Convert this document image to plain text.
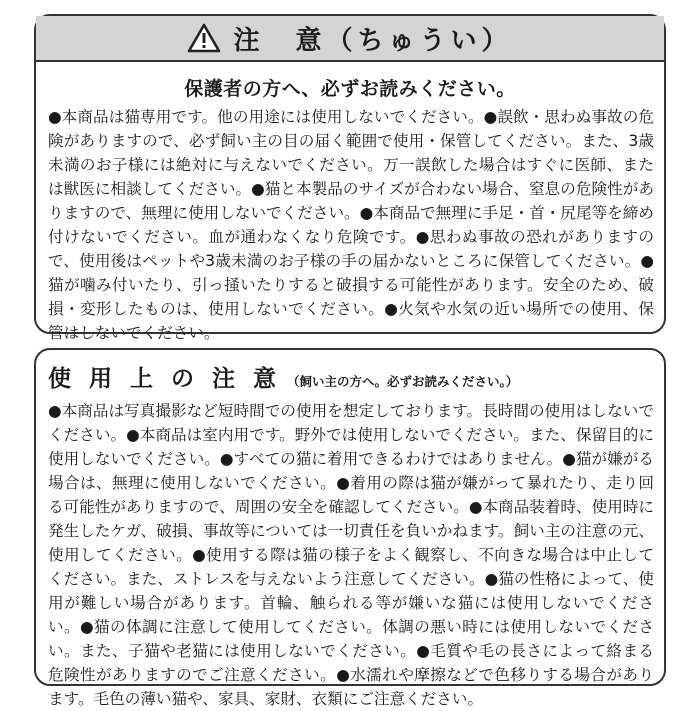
注　意（ちゅうい）
保護者の方へ、必ずお読みください。

●本商品は猫専用です。他の用途には使用しないでください。●誤飲・思わぬ事故の危険がありますので、必ず飼い主の目の届く範囲で使用・保管してください。また、3歳未満のお子様には絶対に与えないでください。万一誤飲した場合はすぐに医師、または獣医に相談してください。●猫と本製品のサイズが合わない場合、窒息の危険性がありますので、無理に使用しないでください。●本商品で無理に手足・首・尻尾等を締め付けないでください。血が通わなくなり危険です。●思わぬ事故の恐れがありますので、使用後はペットや3歳未満のお子様の手の届かないところに保管してください。●猫が噛み付いたり、引っ掻いたりすると破損する可能性があります。安全のため、破損・変形したものは、使用しないでください。●火気や水気の近い場所での使用、保管はしないでください。

使 用 上 の 注 意 （飼い主の方へ。必ずお読みください。）

●本商品は写真撮影など短時間での使用を想定しております。長時間の使用はしないでください。●本商品は室内用です。野外では使用しないでください。また、保留目的に使用しないでください。●すべての猫に着用できるわけではありません。●猫が嫌がる場合は、無理に使用しないでください。●着用の際は猫が嫌がって暴れたり、走り回る可能性がありますので、周囲の安全を確認してください。●本商品装着時、使用時に発生したケガ、破損、事故等については一切責任を負いかねます。飼い主の注意の元、使用してください。●使用する際は猫の様子をよく観察し、不向きな場合は中止してください。また、ストレスを与えないよう注意してください。●猫の性格によって、使用が難しい場合があります。首輪、触られる等が嫌いな猫には使用しないでください。●猫の体調に注意して使用してください。体調の悪い時には使用しないでください。また、子猫や老猫には使用しないでください。●毛質や毛の長さによって絡まる危険性がありますのでご注意ください。●水濡れや摩擦などで色移りする場合があります。毛色の薄い猫や、家具、家財、衣類にご注意ください。
